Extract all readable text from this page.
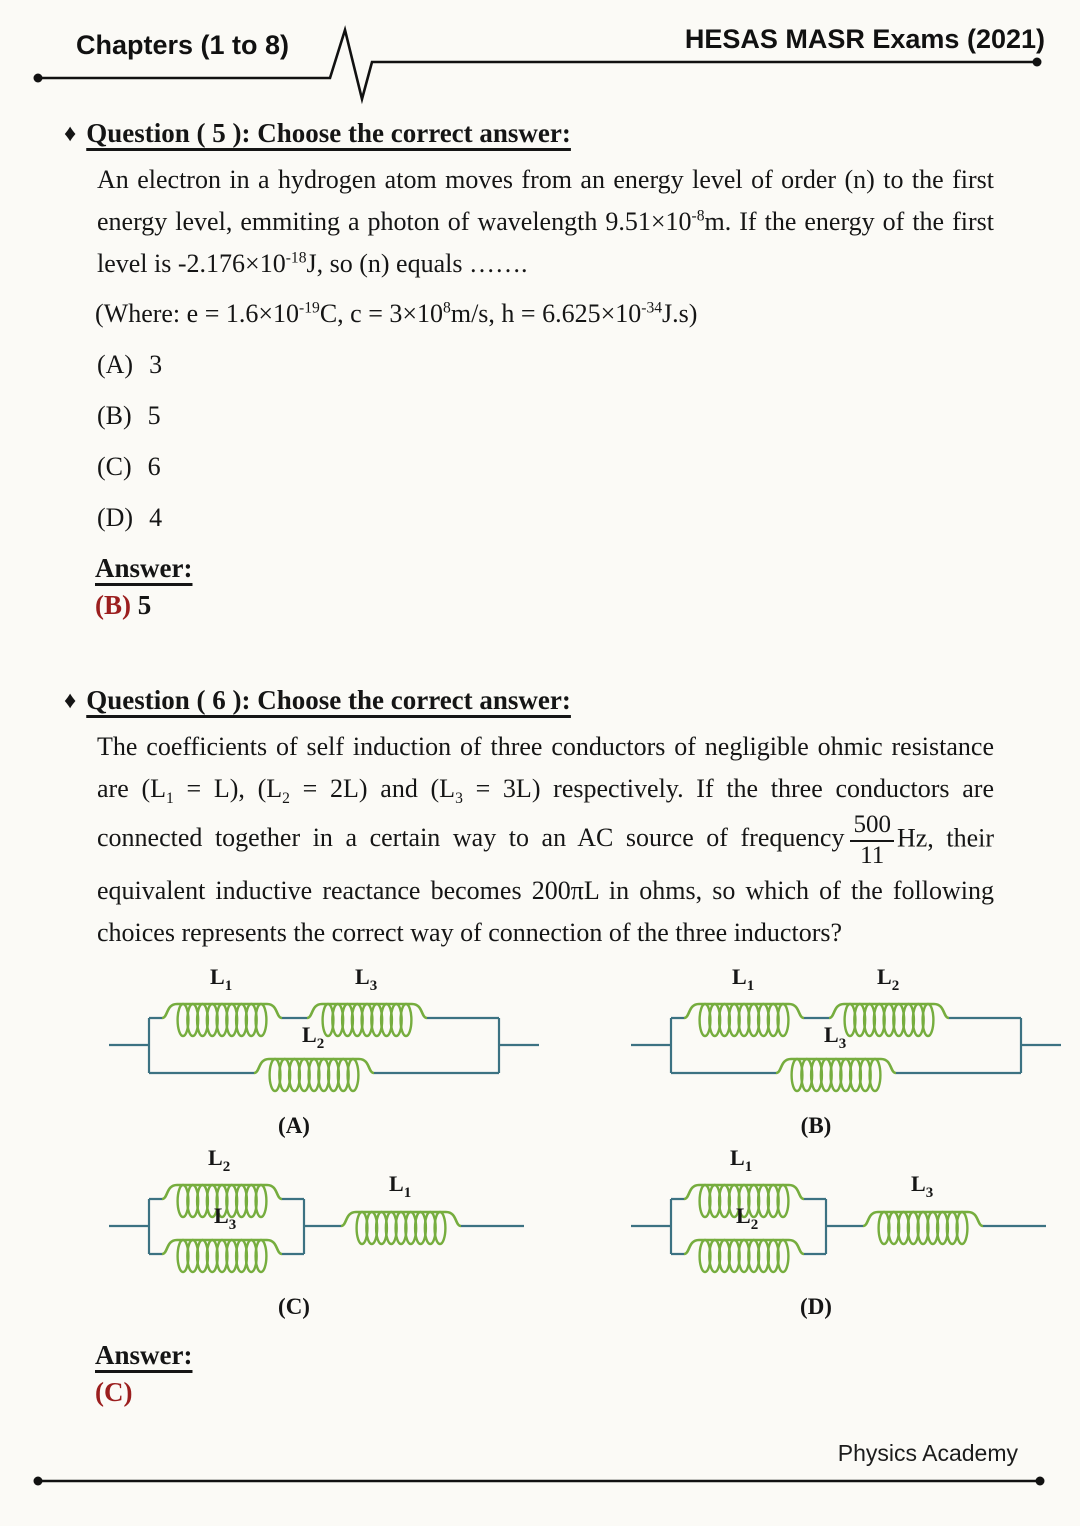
Chapters (1 to 8)	HESAS MASR Exams (2021)
♦ Question ( 5 ): Choose the correct answer:

An electron in a hydrogen atom moves from an energy level of order (n) to the first energy level, emmiting a photon of wavelength $9.51\times 10^{-8}m$. If the energy of the first level is $-2.176\times 10^{-18}J$, so (n) equals …….

(Where: $e = 1.6\times 10^{-19}C$, $c = 3\times 10^8m/s$, $h = 6.625\times 10^{-34}J.s$)

(A) 3
(B) 5
(C) 6
(D) 4
Answer:
(B) 5
♦ Question ( 6 ): Choose the correct answer:

The coefficients of self induction of three conductors of negligible ohmic resistance are $(L_1 = L)$, $(L_2 = 2L)$ and $(L_3 = 3L)$ respectively. If the three conductors are connected together in a certain way to an AC source of frequency $\frac{500}{11} Hz$, their equivalent inductive reactance becomes 200πL in ohms, so which of the following choices represents the correct way of connection of the three inductors?

$L_1$	$L_3$
$L_2$
(A)
$L_1$	$L_2$
$L_3$
(B)
$L_2$
$L_3$
$L_1$
(C)
$L_1$
$L_2$
$L_3$
(D)
Answer:
(C)
Physics Academy
